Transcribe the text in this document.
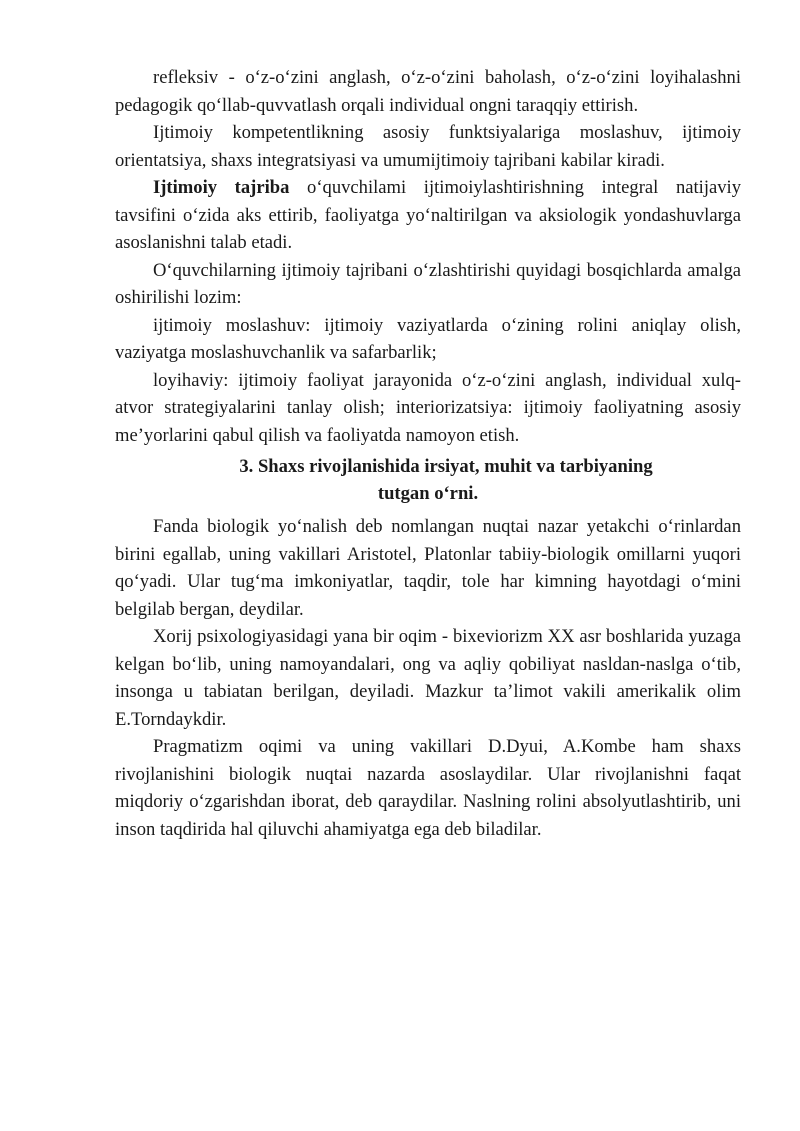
refleksiv - o‘z-o‘zini anglash, o‘z-o‘zini baholash, o‘z-o‘zini loyihalashni pedagogik qo‘llab-quvvatlash orqali individual ongni taraqqiy ettirish.

Ijtimoiy kompetentlikning asosiy funktsiyalariga moslashuv, ijtimoiy orientatsiya, shaxs integratsiyasi va umumijtimoiy tajribani kabilar kiradi.

Ijtimoiy tajriba o‘quvchilami ijtimoiylashtirishning integral natijaviy tavsifini o‘zida aks ettirib, faoliyatga yo‘naltirilgan va aksiologik yondashuvlarga asoslanishni talab etadi.

O‘quvchilarning ijtimoiy tajribani o‘zlashtirishi quyidagi bosqichlarda amalga oshirilishi lozim:

ijtimoiy moslashuv: ijtimoiy vaziyatlarda o‘zining rolini aniqlay olish, vaziyatga moslashuvchanlik va safarbarlik;

loyihaviy: ijtimoiy faoliyat jarayonida o‘z-o‘zini anglash, individual xulq-atvor strategiyalarini tanlay olish; interiorizatsiya: ijtimoiy faoliyatning asosiy me’yorlarini qabul qilish va faoliyatda namoyon etish.

3. Shaxs rivojlanishida irsiyat, muhit va tarbiyaning
tutgan o‘rni.

Fanda biologik yo‘nalish deb nomlangan nuqtai nazar yetakchi o‘rinlardan birini egallab, uning vakillari Aristotel, Platonlar tabiiy-biologik omillarni yuqori qo‘yadi. Ular tug‘ma imkoniyatlar, taqdir, tole har kimning hayotdagi o‘mini belgilab bergan, deydilar.

Xorij psixologiyasidagi yana bir oqim - bixeviorizm XX asr boshlarida yuzaga kelgan bo‘lib, uning namoyandalari, ong va aqliy qobiliyat nasldan-naslga o‘tib, insonga u tabiatan berilgan, deyiladi. Mazkur ta’limot vakili amerikalik olim E.Torndaykdir.

Pragmatizm oqimi va uning vakillari D.Dyui, A.Kombe ham shaxs rivojlanishini biologik nuqtai nazarda asoslaydilar. Ular rivojlanishni faqat miqdoriy o‘zgarishdan iborat, deb qaraydilar. Naslning rolini absolyutlashtirib, uni inson taqdirida hal qiluvchi ahamiyatga ega deb biladilar.
